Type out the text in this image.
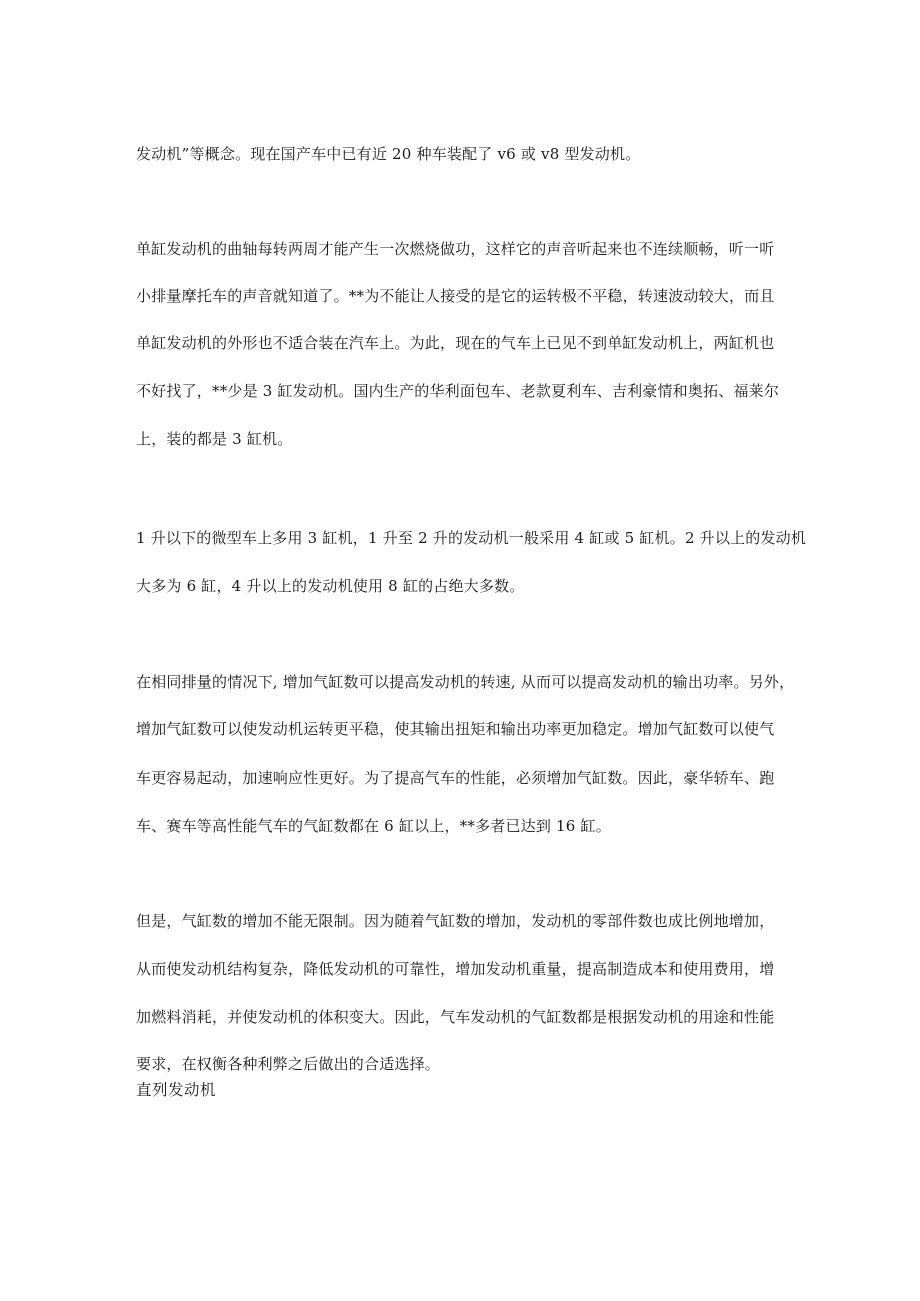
发动机”等概念。现在国产车中已有近 20 种车装配了 v6 或 v8 型发动机。
单缸发动机的曲轴每转两周才能产生一次燃烧做功，这样它的声音听起来也不连续顺畅，听一听
小排量摩托车的声音就知道了。**为不能让人接受的是它的运转极不平稳，转速波动较大，而且
单缸发动机的外形也不适合装在汽车上。为此，现在的气车上已见不到单缸发动机上，两缸机也
不好找了，**少是 3 缸发动机。国内生产的华利面包车、老款夏利车、吉利豪情和奥拓、福莱尔
上，装的都是 3 缸机。
1 升以下的微型车上多用 3 缸机，1 升至 2 升的发动机一般采用 4 缸或 5 缸机。2 升以上的发动机
大多为 6 缸，4 升以上的发动机使用 8 缸的占绝大多数。
在相同排量的情况下, 增加气缸数可以提高发动机的转速, 从而可以提高发动机的输出功率。另外，
增加气缸数可以使发动机运转更平稳，使其输出扭矩和输出功率更加稳定。增加气缸数可以使气
车更容易起动，加速响应性更好。为了提高气车的性能，必须增加气缸数。因此，豪华轿车、跑
车、赛车等高性能气车的气缸数都在 6 缸以上，**多者已达到 16 缸。
但是，气缸数的增加不能无限制。因为随着气缸数的增加，发动机的零部件数也成比例地增加，
从而使发动机结构复杂，降低发动机的可靠性，增加发动机重量，提高制造成本和使用费用，增
加燃料消耗，并使发动机的体积变大。因此，气车发动机的气缸数都是根据发动机的用途和性能
要求，在权衡各种利弊之后做出的合适选择。
直列发动机
